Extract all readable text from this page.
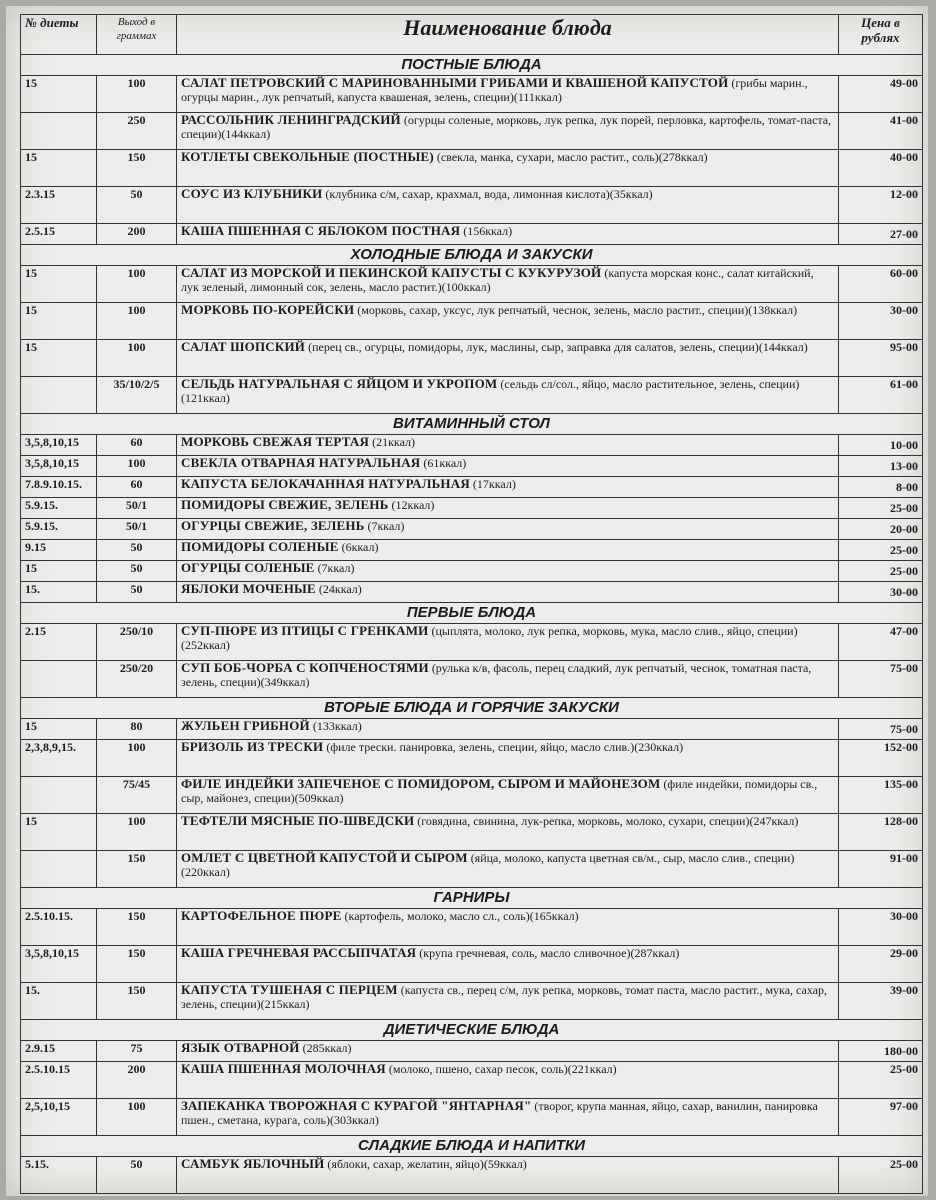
№ диеты	Выход в граммах	Наименование блюда	Цена в рублях
ПОСТНЫЕ БЛЮДА			
15	100	САЛАТ ПЕТРОВСКИЙ С МАРИНОВАННЫМИ ГРИБАМИ И КВАШЕНОЙ КАПУСТОЙ (грибы марин., огурцы марин., лук репчатый, капуста квашеная, зелень, специи)(111ккал)	49-00
	250	РАССОЛЬНИК ЛЕНИНГРАДСКИЙ (огурцы соленые, морковь, лук репка, лук порей, перловка, картофель, томат-паста, специи)(144ккал)	41-00
15	150	КОТЛЕТЫ СВЕКОЛЬНЫЕ (ПОСТНЫЕ) (свекла, манка, сухари, масло растит., соль)(278ккал)	40-00
2.3.15	50	СОУС ИЗ КЛУБНИКИ (клубника с/м, сахар, крахмал, вода, лимонная кислота)(35ккал)	12-00
2.5.15	200	КАША ПШЕННАЯ С ЯБЛОКОМ ПОСТНАЯ (156ккал)	27-00
ХОЛОДНЫЕ БЛЮДА И ЗАКУСКИ			
15	100	САЛАТ ИЗ МОРСКОЙ И ПЕКИНСКОЙ КАПУСТЫ С КУКУРУЗОЙ (капуста морская конс., салат китайский, лук зеленый, лимонный сок, зелень, масло растит.)(100ккал)	60-00
15	100	МОРКОВЬ ПО-КОРЕЙСКИ (морковь, сахар, уксус, лук репчатый, чеснок, зелень, масло растит., специи)(138ккал)	30-00
15	100	САЛАТ ШОПСКИЙ (перец св., огурцы, помидоры, лук, маслины, сыр, заправка для салатов, зелень, специи)(144ккал)	95-00
	35/10/2/5	СЕЛЬДЬ НАТУРАЛЬНАЯ С ЯЙЦОМ И УКРОПОМ (сельдь сл/сол., яйцо, масло растительное, зелень, специи)(121ккал)	61-00
ВИТАМИННЫЙ СТОЛ			
3,5,8,10,15	60	МОРКОВЬ СВЕЖАЯ ТЕРТАЯ (21ккал)	10-00
3,5,8,10,15	100	СВЕКЛА ОТВАРНАЯ НАТУРАЛЬНАЯ (61ккал)	13-00
7.8.9.10.15.	60	КАПУСТА БЕЛОКАЧАННАЯ НАТУРАЛЬНАЯ (17ккал)	8-00
5.9.15.	50/1	ПОМИДОРЫ СВЕЖИЕ, ЗЕЛЕНЬ (12ккал)	25-00
5.9.15.	50/1	ОГУРЦЫ СВЕЖИЕ, ЗЕЛЕНЬ (7ккал)	20-00
9.15	50	ПОМИДОРЫ СОЛЕНЫЕ (6ккал)	25-00
15	50	ОГУРЦЫ СОЛЕНЫЕ (7ккал)	25-00
15.	50	ЯБЛОКИ МОЧЕНЫЕ (24ккал)	30-00
ПЕРВЫЕ БЛЮДА			
2.15	250/10	СУП-ПЮРЕ ИЗ ПТИЦЫ С ГРЕНКАМИ (цыплята, молоко, лук репка, морковь, мука, масло слив., яйцо, специи)(252ккал)	47-00
	250/20	СУП БОБ-ЧОРБА С КОПЧЕНОСТЯМИ (рулька к/в, фасоль, перец сладкий, лук репчатый, чеснок, томатная паста, зелень, специи)(349ккал)	75-00
ВТОРЫЕ БЛЮДА И ГОРЯЧИЕ ЗАКУСКИ			
15	80	ЖУЛЬЕН ГРИБНОЙ (133ккал)	75-00
2,3,8,9,15.	100	БРИЗОЛЬ ИЗ ТРЕСКИ (филе трески. панировка, зелень, специи, яйцо, масло слив.)(230ккал)	152-00
	75/45	ФИЛЕ ИНДЕЙКИ ЗАПЕЧЕНОЕ С ПОМИДОРОМ, СЫРОМ И МАЙОНЕЗОМ (филе индейки, помидоры св., сыр, майонез, специи)(509ккал)	135-00
15	100	ТЕФТЕЛИ МЯСНЫЕ ПО-ШВЕДСКИ (говядина, свинина, лук-репка, морковь, молоко, сухари, специи)(247ккал)	128-00
	150	ОМЛЕТ С ЦВЕТНОЙ КАПУСТОЙ И СЫРОМ (яйца, молоко, капуста цветная св/м., сыр, масло слив., специи)(220ккал)	91-00
ГАРНИРЫ			
2.5.10.15.	150	КАРТОФЕЛЬНОЕ ПЮРЕ (картофель, молоко, масло сл., соль)(165ккал)	30-00
3,5,8,10,15	150	КАША ГРЕЧНЕВАЯ РАССЫПЧАТАЯ (крупа гречневая, соль, масло сливочное)(287ккал)	29-00
15.	150	КАПУСТА ТУШЕНАЯ С ПЕРЦЕМ (капуста св., перец с/м, лук репка, морковь, томат паста, масло растит., мука, сахар, зелень, специи)(215ккал)	39-00
ДИЕТИЧЕСКИЕ БЛЮДА			
2.9.15	75	ЯЗЫК ОТВАРНОЙ (285ккал)	180-00
2.5.10.15	200	КАША ПШЕННАЯ МОЛОЧНАЯ (молоко, пшено, сахар песок, соль)(221ккал)	25-00
2,5,10,15	100	ЗАПЕКАНКА ТВОРОЖНАЯ С КУРАГОЙ "ЯНТАРНАЯ" (творог, крупа манная, яйцо, сахар, ванилин, панировка пшен., сметана, курага, соль)(303ккал)	97-00
СЛАДКИЕ БЛЮДА И НАПИТКИ			
5.15.	50	САМБУК ЯБЛОЧНЫЙ (яблоки, сахар, желатин, яйцо)(59ккал)	25-00
